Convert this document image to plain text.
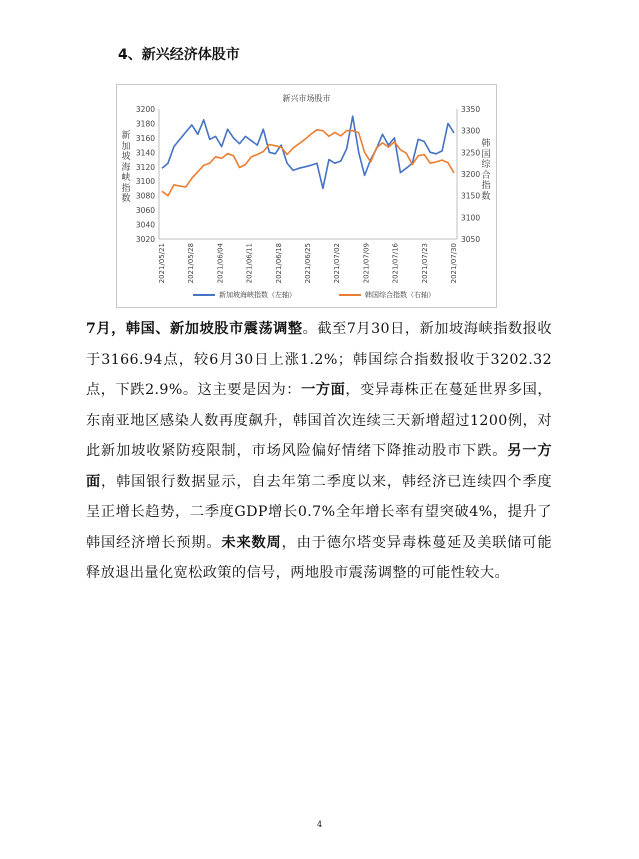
4、新兴经济体股市
新兴市场股市
3020
3040
3060
3080
3100
3120
3140
3160
3180
3200
3050
3100
3150
3200
3250
3300
3350
2021/05/21	2021/05/28	2021/06/04	2021/06/11	2021/06/18	2021/06/25	2021/07/02	2021/07/09	2021/07/16	2021/07/23	2021/07/30
新加坡海峡指数
韩国综合指数
新加坡海峡指数（左轴）	韩国综合指数（右轴）

7月，韩国、新加坡股市震荡调整。截至7月30日，新加坡海峡指数报收于3166.94点，较6月30日上涨1.2%；韩国综合指数报收于3202.32点，下跌2.9%。这主要是因为：一方面，变异毒株正在蔓延世界多国，东南亚地区感染人数再度飙升，韩国首次连续三天新增超过1200例，对此新加坡收紧防疫限制，市场风险偏好情绪下降推动股市下跌。另一方面，韩国银行数据显示，自去年第二季度以来，韩经济已连续四个季度呈正增长趋势，二季度GDP增长0.7%全年增长率有望突破4%，提升了韩国经济增长预期。未来数周，由于德尔塔变异毒株蔓延及美联储可能释放退出量化宽松政策的信号，两地股市震荡调整的可能性较大。

4
